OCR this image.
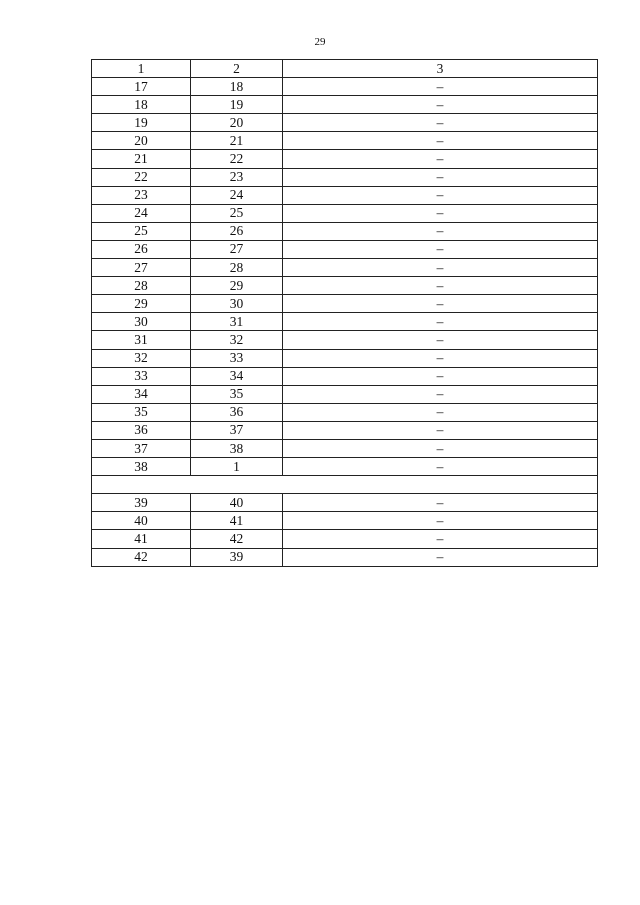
29
1	2	3
17	18	–
18	19	–
19	20	–
20	21	–
21	22	–
22	23	–
23	24	–
24	25	–
25	26	–
26	27	–
27	28	–
28	29	–
29	30	–
30	31	–
31	32	–
32	33	–
33	34	–
34	35	–
35	36	–
36	37	–
37	38	–
38	1	–

39	40	–
40	41	–
41	42	–
42	39	–
